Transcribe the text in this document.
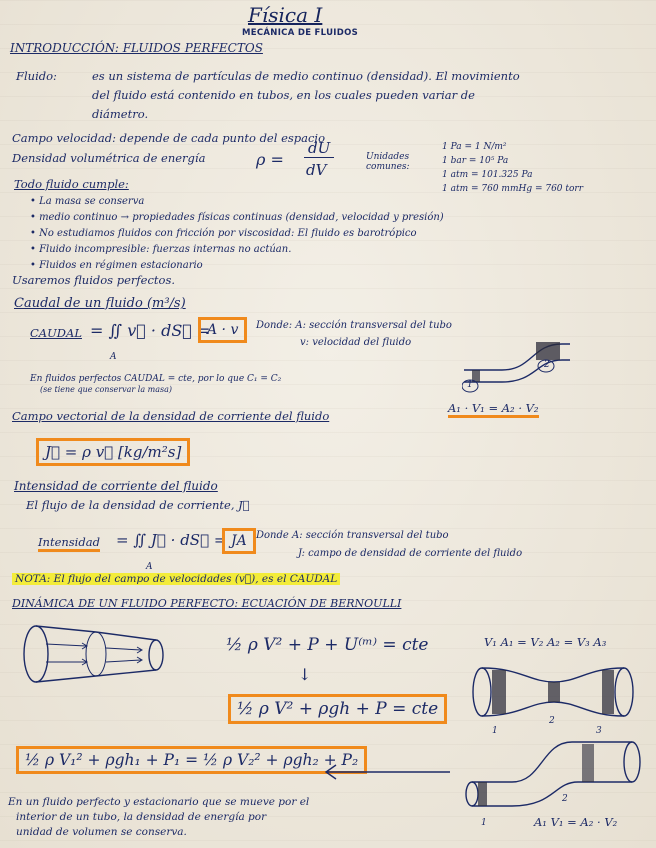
Física I
MECÁNICA DE FLUIDOS
INTRODUCCIÓN: FLUIDOS PERFECTOS
Fluido:	es un sistema de partículas de medio continuo (densidad). El movimiento
del fluido está contenido en tubos, en los cuales pueden variar de
diámetro.
Campo velocidad: depende de cada punto del espacio
Densidad volumétrica de energía	ρ =
dU
dV
Unidades comunes:
1 Pa = 1 N/m²
1 bar = 10⁵ Pa
1 atm = 101.325 Pa
1 atm = 760 mmHg = 760 torr
Todo fluido cumple:
• La masa se conserva
• medio continuo → propiedades físicas continuas (densidad, velocidad y presión)
• No estudiamos fluidos con fricción por viscosidad: El fluido es barotrópico
• Fluido incompresible: fuerzas internas no actúan.
• Fluidos en régimen estacionario
Usaremos fluidos perfectos.
Caudal de un fluido (m³/s)
CAUDAL = ∬ v⃗ · dS⃗ =
A · v
A
Donde: A: sección transversal del tubo
v: velocidad del fluido
En fluidos perfectos CAUDAL = cte, por lo que C₁ = C₂
(se tiene que conservar la masa)	1
2
A₁ · V₁ = A₂ · V₂
Campo vectorial de la densidad de corriente del fluido
J⃗ = ρ v⃗ [kg/m²s]
Intensidad de corriente del fluido
El flujo de la densidad de corriente, J⃗
Intensidad = ∬ J⃗ · dS⃗ = JA
A
Donde A: sección transversal del tubo
J: campo de densidad de corriente del fluido
NOTA: El flujo del campo de velocidades (v⃗), es el CAUDAL
DINÁMICA DE UN FLUIDO PERFECTO: ECUACIÓN DE BERNOULLI
½ ρ V² + P + U⁽ᵐ⁾ = cte
↓
½ ρ V² + ρgh + P = cte
½ ρ V₁² + ρgh₁ + P₁ = ½ ρ V₂² + ρgh₂ + P₂
V₁ A₁ = V₂ A₂ = V₃ A₃
1
2
3
1
2
A₁ V₁ = A₂ · V₂
En un fluido perfecto y estacionario que se mueve por el
interior de un tubo, la densidad de energía por
unidad de volumen se conserva.
